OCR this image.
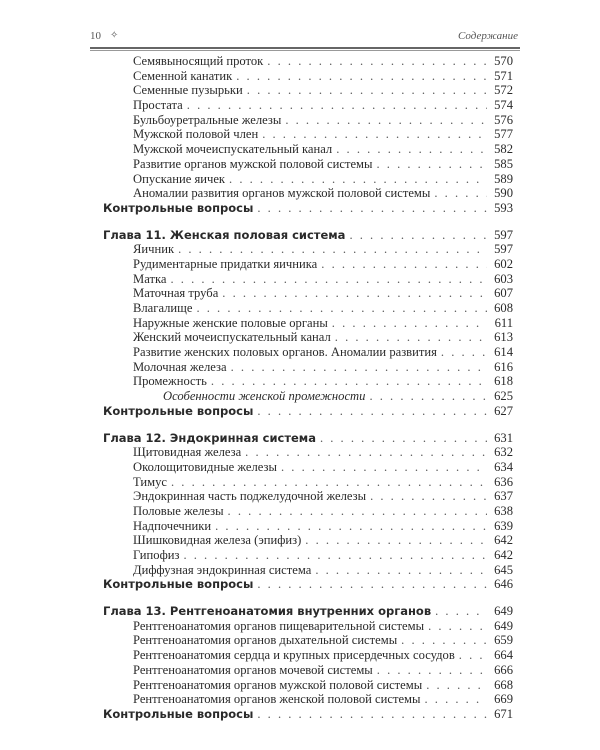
10 ✧	Содержание
Семявыносящий проток . . .	570
Семенной канатик . . .	571
Семенные пузырьки . . .	572
Простата . . .	574
Бульбоуретральные железы . . .	576
Мужской половой член . . .	577
Мужской мочеиспускательный канал . . .	582
Развитие органов мужской половой системы . . .	585
Опускание яичек . . .	589
Аномалии развития органов мужской половой системы . . .	590
Контрольные вопросы . . .	593
Глава 11. Женская половая система . . .	597
Яичник . . .	597
Рудиментарные придатки яичника . . .	602
Матка . . .	603
Маточная труба . . .	607
Влагалище . . .	608
Наружные женские половые органы . . .	611
Женский мочеиспускательный канал . . .	613
Развитие женских половых органов. Аномалии развития . . .	614
Молочная железа . . .	616
Промежность . . .	618
Особенности женской промежности . . .	625
Контрольные вопросы . . .	627
Глава 12. Эндокринная система . . .	631
Щитовидная железа . . .	632
Околощитовидные железы . . .	634
Тимус . . .	636
Эндокринная часть поджелудочной железы . . .	637
Половые железы . . .	638
Надпочечники . . .	639
Шишковидная железа (эпифиз) . . .	642
Гипофиз . . .	642
Диффузная эндокринная система . . .	645
Контрольные вопросы . . .	646
Глава 13. Рентгеноанатомия внутренних органов . . .	649
Рентгеноанатомия органов пищеварительной системы . . .	649
Рентгеноанатомия органов дыхательной системы . . .	659
Рентгеноанатомия сердца и крупных присердечных сосудов . . .	664
Рентгеноанатомия органов мочевой системы . . .	666
Рентгеноанатомия органов мужской половой системы . . .	668
Рентгеноанатомия органов женской половой системы . . .	669
Контрольные вопросы . . .	671
